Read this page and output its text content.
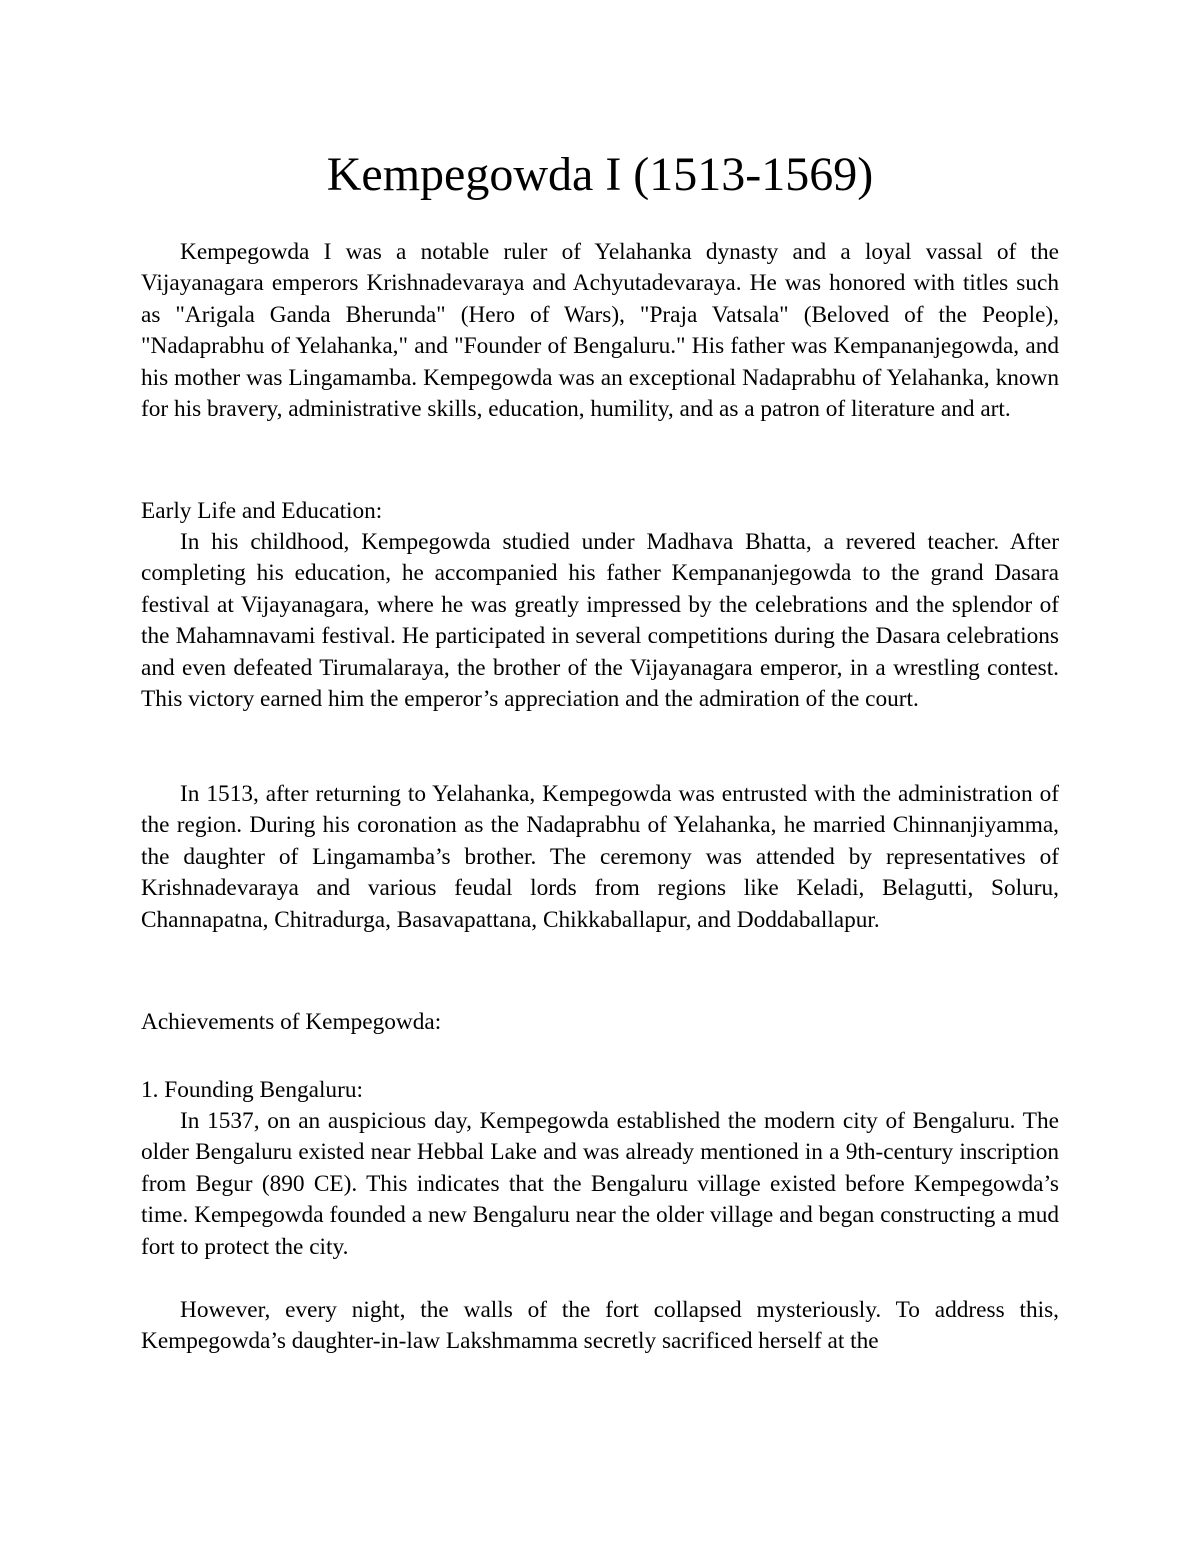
Kempegowda I (1513-1569)

Kempegowda I was a notable ruler of Yelahanka dynasty and a loyal vassal of the Vijayanagara emperors Krishnadevaraya and Achyutadevaraya. He was honored with titles such as "Arigala Ganda Bherunda" (Hero of Wars), "Praja Vatsala" (Beloved of the People), "Nadaprabhu of Yelahanka," and "Founder of Bengaluru." His father was Kempananjegowda, and his mother was Lingamamba. Kempegowda was an exceptional Nadaprabhu of Yelahanka, known for his bravery, administrative skills, education, humility, and as a patron of literature and art.

Early Life and Education:

In his childhood, Kempegowda studied under Madhava Bhatta, a revered teacher. After completing his education, he accompanied his father Kempananjegowda to the grand Dasara festival at Vijayanagara, where he was greatly impressed by the celebrations and the splendor of the Mahamnavami festival. He participated in several competitions during the Dasara celebrations and even defeated Tirumalaraya, the brother of the Vijayanagara emperor, in a wrestling contest. This victory earned him the emperor’s appreciation and the admiration of the court.

In 1513, after returning to Yelahanka, Kempegowda was entrusted with the administration of the region. During his coronation as the Nadaprabhu of Yelahanka, he married Chinnanjiyamma, the daughter of Lingamamba’s brother. The ceremony was attended by representatives of Krishnadevaraya and various feudal lords from regions like Keladi, Belagutti, Soluru, Channapatna, Chitradurga, Basavapattana, Chikkaballapur, and Doddaballapur.

Achievements of Kempegowda:

1. Founding Bengaluru:

In 1537, on an auspicious day, Kempegowda established the modern city of Bengaluru. The older Bengaluru existed near Hebbal Lake and was already mentioned in a 9th-century inscription from Begur (890 CE). This indicates that the Bengaluru village existed before Kempegowda’s time. Kempegowda founded a new Bengaluru near the older village and began constructing a mud fort to protect the city.

However, every night, the walls of the fort collapsed mysteriously. To address this, Kempegowda’s daughter-in-law Lakshmamma secretly sacrificed herself at the
